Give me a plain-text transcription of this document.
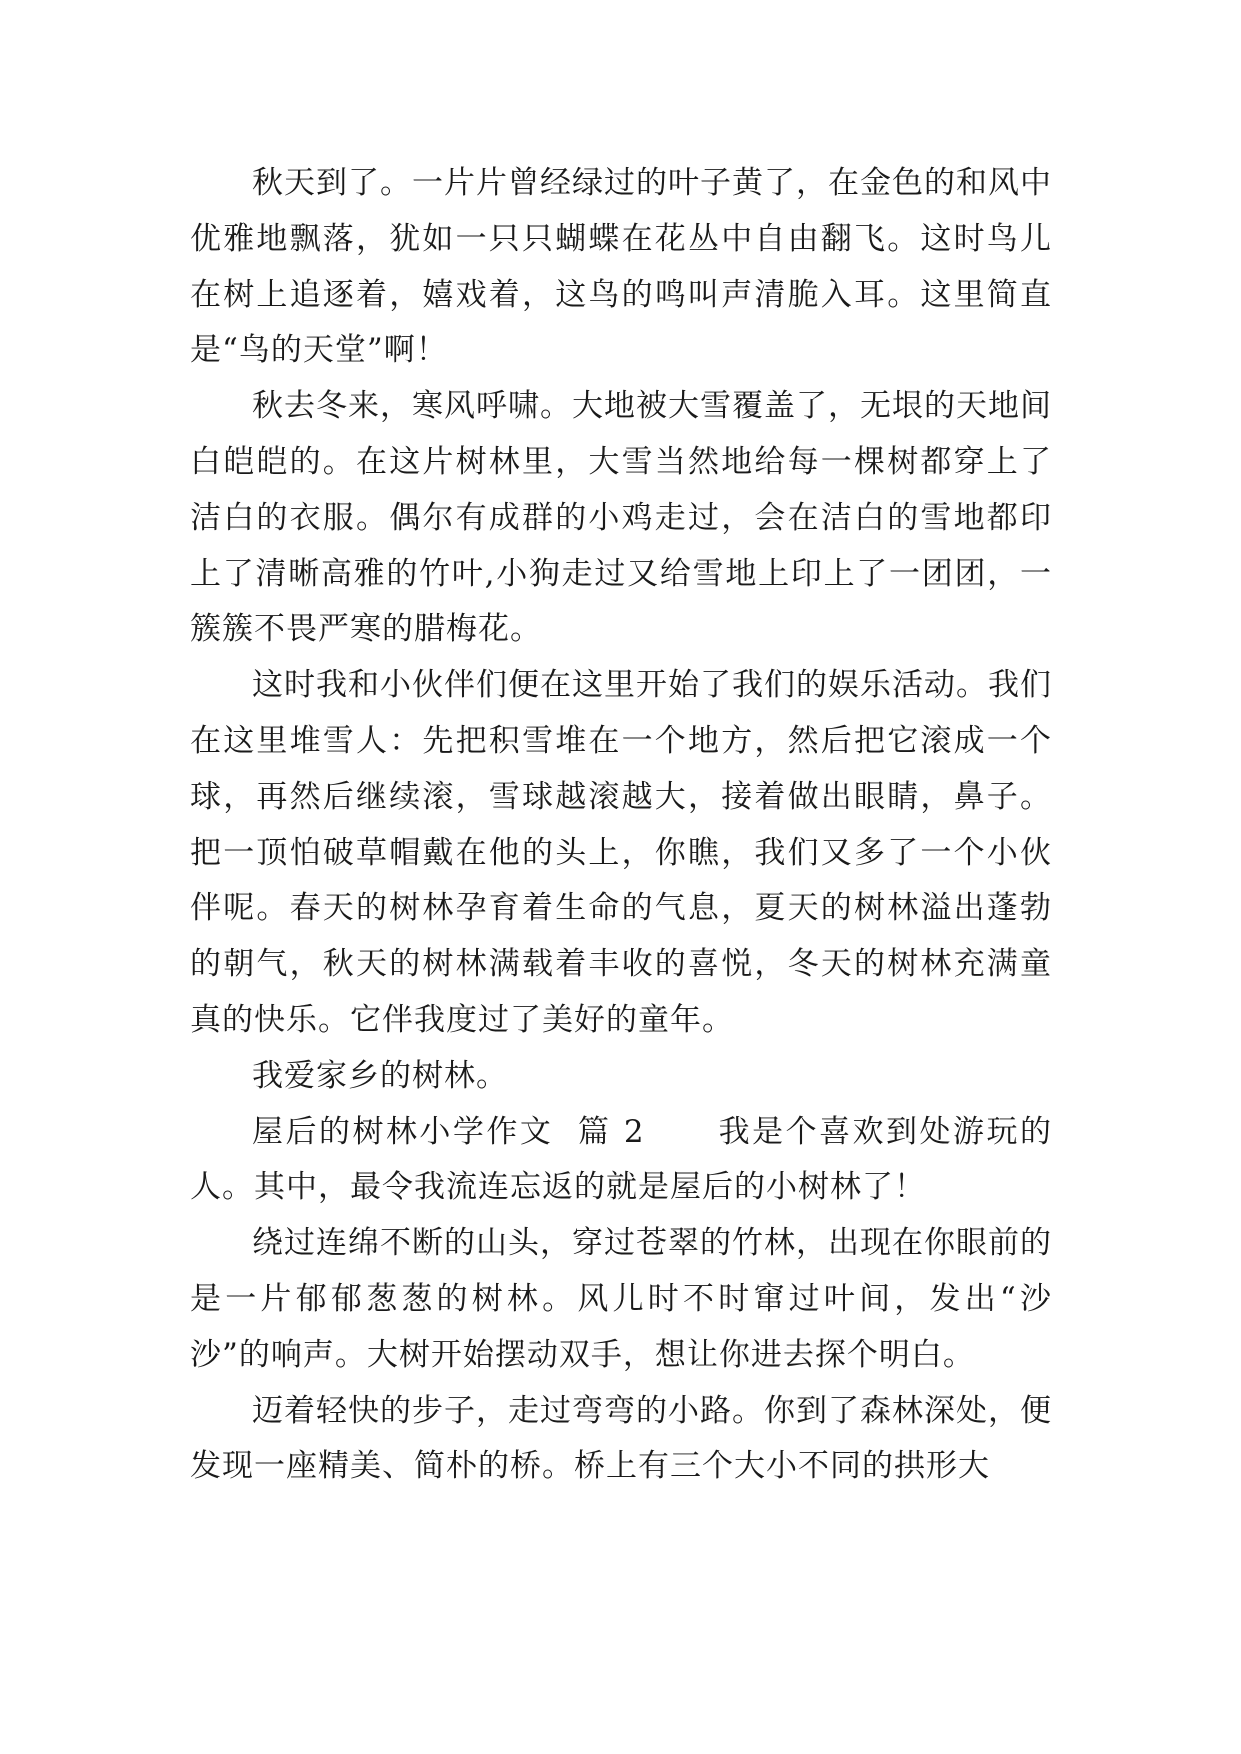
秋天到了。一片片曾经绿过的叶子黄了，在金色的和风中优雅地飘落，犹如一只只蝴蝶在花丛中自由翻飞。这时鸟儿在树上追逐着，嬉戏着，这鸟的鸣叫声清脆入耳。这里简直是“鸟的天堂”啊！

秋去冬来，寒风呼啸。大地被大雪覆盖了，无垠的天地间白皑皑的。在这片树林里，大雪当然地给每一棵树都穿上了洁白的衣服。偶尔有成群的小鸡走过，会在洁白的雪地都印上了清晰高雅的竹叶,小狗走过又给雪地上印上了一团团，一簇簇不畏严寒的腊梅花。

这时我和小伙伴们便在这里开始了我们的娱乐活动。我们在这里堆雪人：先把积雪堆在一个地方，然后把它滚成一个球，再然后继续滚，雪球越滚越大，接着做出眼睛，鼻子。把一顶怕破草帽戴在他的头上，你瞧，我们又多了一个小伙伴呢。春天的树林孕育着生命的气息，夏天的树林溢出蓬勃的朝气，秋天的树林满载着丰收的喜悦，冬天的树林充满童真的快乐。它伴我度过了美好的童年。

我爱家乡的树林。

屋后的树林小学作文  篇 2      我是个喜欢到处游玩的人。其中，最令我流连忘返的就是屋后的小树林了！

绕过连绵不断的山头，穿过苍翠的竹林，出现在你眼前的是一片郁郁葱葱的树林。风儿时不时窜过叶间，发出“沙沙”的响声。大树开始摆动双手，想让你进去探个明白。

迈着轻快的步子，走过弯弯的小路。你到了森林深处，便发现一座精美、简朴的桥。桥上有三个大小不同的拱形大
